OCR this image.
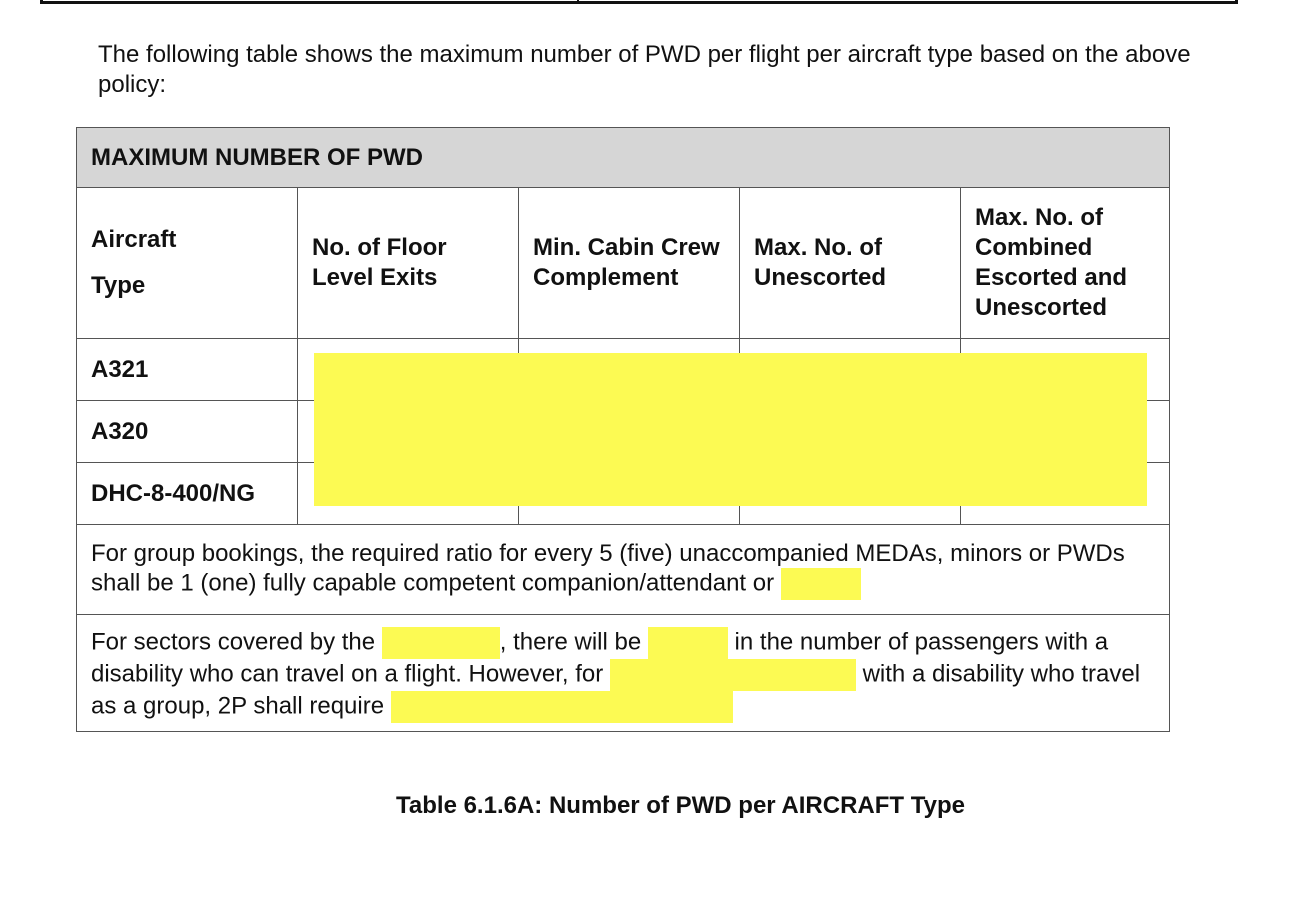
The following table shows the maximum number of PWD per flight per aircraft type based on the above policy:

MAXIMUM NUMBER OF PWD				

Aircraft
Type	No. of Floor Level Exits	Min. Cabin Crew Complement	Max. No. of Unescorted	Max. No. of Combined Escorted and Unescorted
A321				
A320				
DHC-8-400/NG				
For group bookings, the required ratio for every 5 (five) unaccompanied MEDAs, minors or PWDs shall be 1 (one) fully capable competent companion/attendant or				
For sectors covered by the , there will be in the number of passengers with a disability who can travel on a flight. However, for with a disability who travel as a group, 2P shall require				

Table 6.1.6A: Number of PWD per AIRCRAFT Type
